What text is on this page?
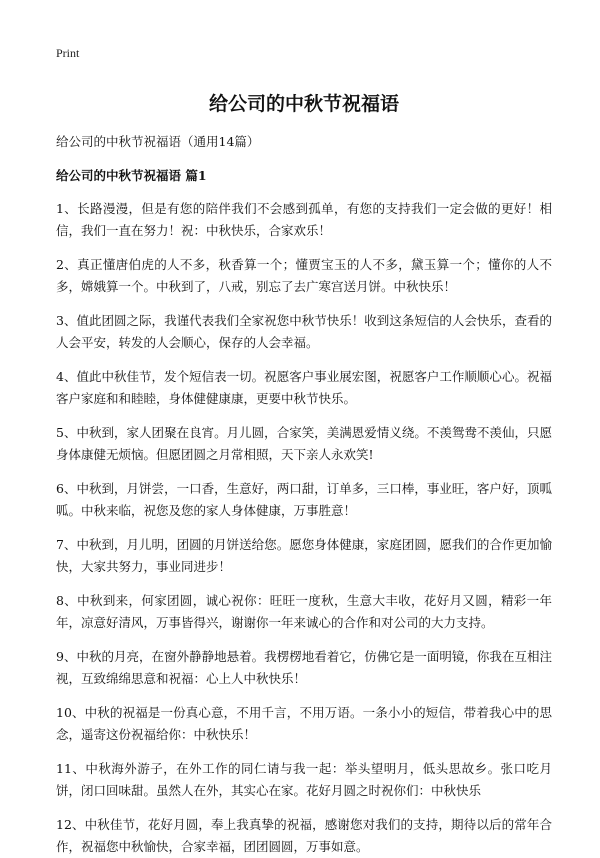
Print
给公司的中秋节祝福语

给公司的中秋节祝福语（通用14篇）

给公司的中秋节祝福语 篇1

1、长路漫漫，但是有您的陪伴我们不会感到孤单，有您的支持我们一定会做的更好！相信，我们一直在努力！祝：中秋快乐，合家欢乐！

2、真正懂唐伯虎的人不多，秋香算一个；懂贾宝玉的人不多，黛玉算一个；懂你的人不多，嫦娥算一个。中秋到了，八戒，别忘了去广寒宫送月饼。中秋快乐！

3、值此团圆之际，我谨代表我们全家祝您中秋节快乐！收到这条短信的人会快乐，查看的人会平安，转发的人会顺心，保存的人会幸福。

4、值此中秋佳节，发个短信表一切。祝愿客户事业展宏图，祝愿客户工作顺顺心心。祝福客户家庭和和睦睦，身体健健康康，更要中秋节快乐。

5、中秋到，家人团聚在良宵。月儿圆，合家笑，美满恩爱情义绕。不羡鸳鸯不羡仙，只愿身体康健无烦恼。但愿团圆之月常相照，天下亲人永欢笑!

6、中秋到，月饼尝，一口香，生意好，两口甜，订单多，三口棒，事业旺，客户好，顶呱呱。中秋来临，祝您及您的家人身体健康，万事胜意！

7、中秋到，月儿明，团圆的月饼送给您。愿您身体健康，家庭团圆，愿我们的合作更加愉快，大家共努力，事业同进步！

8、中秋到来，何家团圆，诚心祝你：旺旺一度秋，生意大丰收，花好月又圆，精彩一年年，凉意好清风，万事皆得兴，谢谢你一年来诚心的合作和对公司的大力支持。

9、中秋的月亮，在窗外静静地悬着。我楞楞地看着它，仿佛它是一面明镜，你我在互相注视，互致绵绵思意和祝福：心上人中秋快乐！

10、中秋的祝福是一份真心意，不用千言，不用万语。一条小小的短信，带着我心中的思念，遥寄这份祝福给你：中秋快乐！

11、中秋海外游子，在外工作的同仁请与我一起：举头望明月，低头思故乡。张口吃月饼，闭口回味甜。虽然人在外，其实心在家。花好月圆之时祝你们：中秋快乐

12、中秋佳节，花好月圆，奉上我真挚的祝福，感谢您对我们的支持，期待以后的常年合作，祝福您中秋愉快，合家幸福，团团圆圆，万事如意。
